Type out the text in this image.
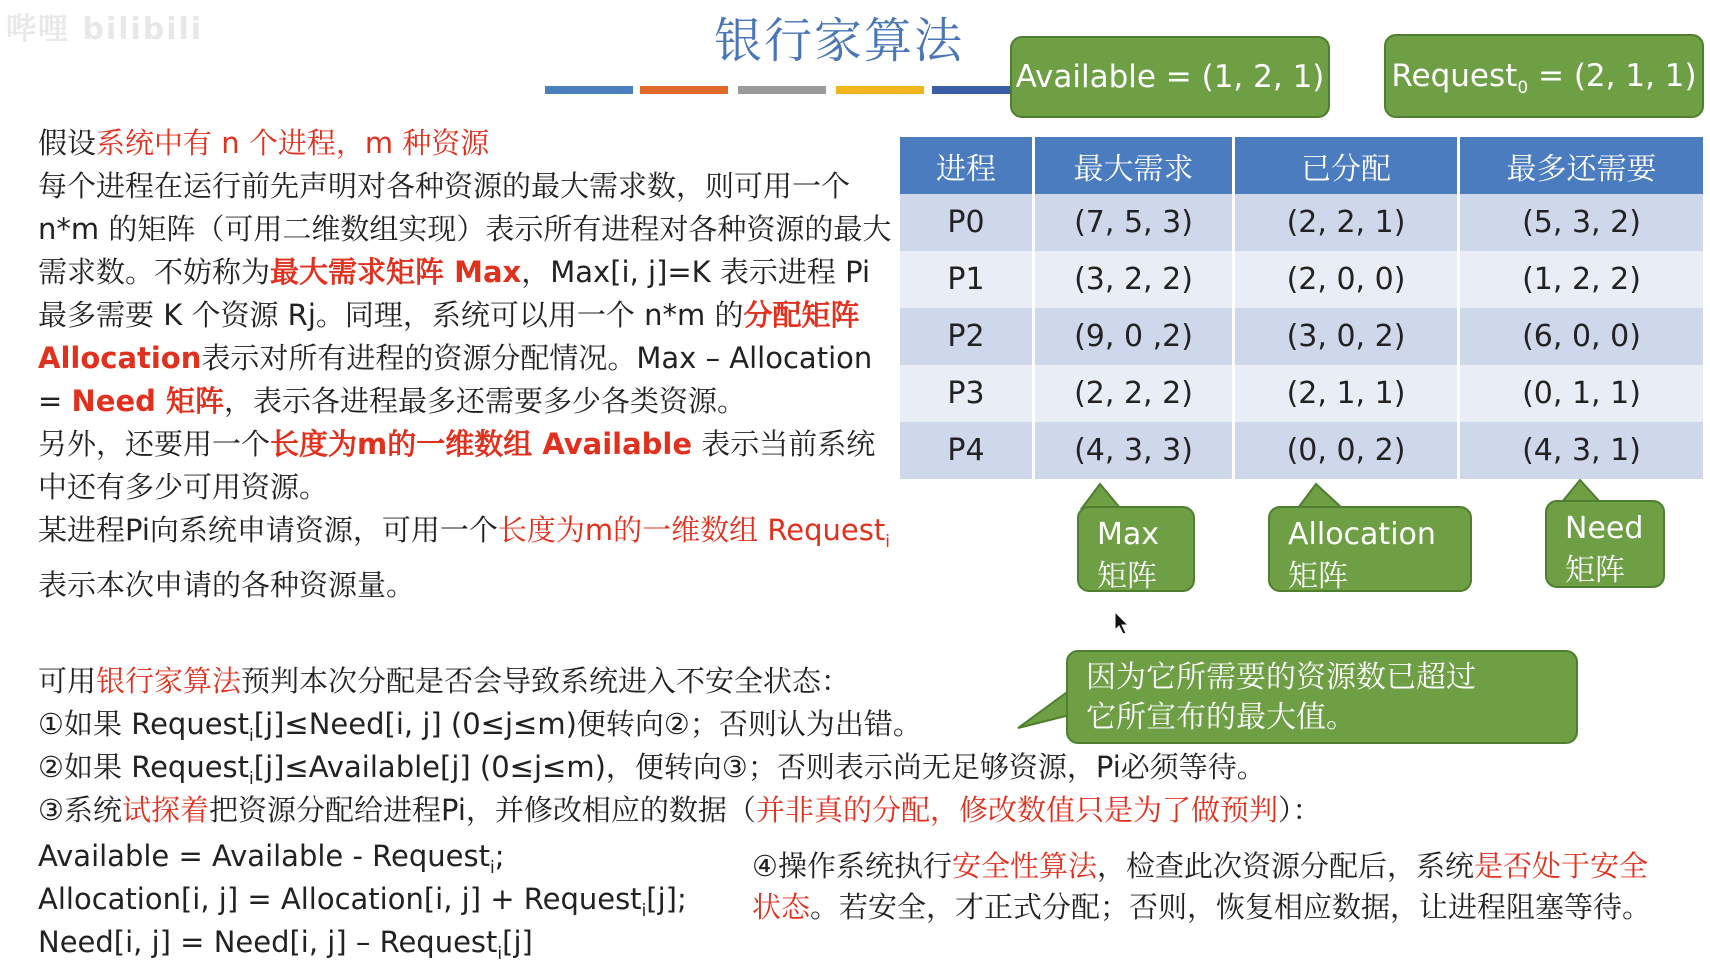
哔哩 bilibili	银行家算法
Available = (1, 2, 1) Request$_0$ = (2, 1, 1)

假设系统中有 n 个进程，m 种资源

每个进程在运行前先声明对各种资源的最大需求数，则可用一个 n*m 的矩阵（可用二维数组实现）表示所有进程对各种资源的最大需求数。不妨称为最大需求矩阵 Max，Max[i, j]=K 表示进程 Pi 最多需要 K 个资源 Rj。同理，系统可以用一个 n*m 的分配矩阵 Allocation表示对所有进程的资源分配情况。Max – Allocation = Need 矩阵，表示各进程最多还需要多少各类资源。

另外，还要用一个长度为m的一维数组 Available 表示当前系统中还有多少可用资源。

某进程Pi向系统申请资源，可用一个长度为m的一维数组 Request$_i$ 表示本次申请的各种资源量。

进程	最大需求	已分配	最多还需要
P0	(7, 5, 3)	(2, 2, 1)	(5, 3, 2)
P1	(3, 2, 2)	(2, 0, 0)	(1, 2, 2)
P2	(9, 0 ,2)	(3, 0, 2)	(6, 0, 0)
P3	(2, 2, 2)	(2, 1, 1)	(0, 1, 1)
P4	(4, 3, 3)	(0, 0, 2)	(4, 3, 1)
Max
矩阵
Allocation
矩阵
Need
矩阵
因为它所需要的资源数已超过
它所宣布的最大值。
可用银行家算法预判本次分配是否会导致系统进入不安全状态：
①如果 Request$_i$[j]≤Need[i, j] (0≤j≤m)便转向②；否则认为出错。
②如果 Request$_i$[j]≤Available[j] (0≤j≤m)，便转向③；否则表示尚无足够资源，Pi必须等待。
③系统试探着把资源分配给进程Pi，并修改相应的数据（并非真的分配，修改数值只是为了做预判）：
Available = Available - Request$_i$;
Allocation[i, j] = Allocation[i, j] + Request$_i$[j];
Need[i, j] = Need[i, j] – Request$_i$[j]
④操作系统执行安全性算法，检查此次资源分配后，系统是否处于安全状态。若安全，才正式分配；否则，恢复相应数据，让进程阻塞等待。
